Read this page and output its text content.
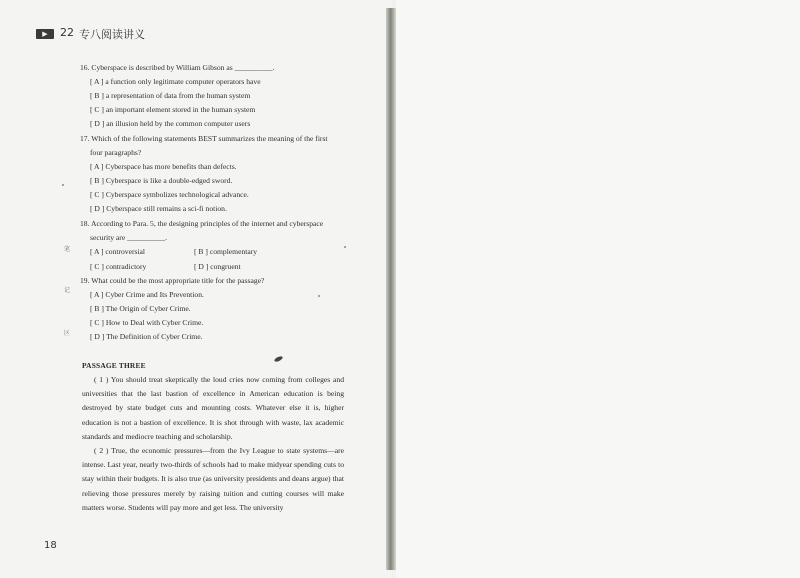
▶	22 专八阅读讲义
16. Cyberspace is described by William Gibson as __________.
[ A ] a function only legitimate computer operators have
[ B ] a representation of data from the human system
[ C ] an important element stored in the human system
[ D ] an illusion held by the common computer users
17. Which of the following statements BEST summarizes the meaning of the first
four paragraphs?
[ A ] Cyberspace has more benefits than defects.
[ B ] Cyberspace is like a double-edged sword.
[ C ] Cyberspace symbolizes technological advance.
[ D ] Cyberspace still remains a sci-fi notion.
18. According to Para. 5, the designing principles of the internet and cyberspace
security are __________.
[ A ] controversial	[ B ] complementary
[ C ] contradictory	[ D ] congruent
19. What could be the most appropriate title for the passage?
[ A ] Cyber Crime and Its Prevention.
[ B ] The Origin of Cyber Crime.
[ C ] How to Deal with Cyber Crime.
[ D ] The Definition of Cyber Crime.
笔
记
区
PASSAGE THREE
( 1 ) You should treat skeptically the loud cries now coming from colleges and universities that the last bastion of excellence in American education is being destroyed by state budget cuts and mounting costs. Whatever else it is, higher education is not a bastion of excellence. It is shot through with waste, lax academic standards and mediocre teaching and scholarship.
( 2 ) True, the economic pressures—from the Ivy League to state systems—are intense. Last year, nearly two-thirds of schools had to make midyear spending cuts to stay within their budgets. It is also true (as university presidents and deans argue) that relieving those pressures merely by raising tuition and cutting courses will make matters worse. Students will pay more and get less. The university
18
